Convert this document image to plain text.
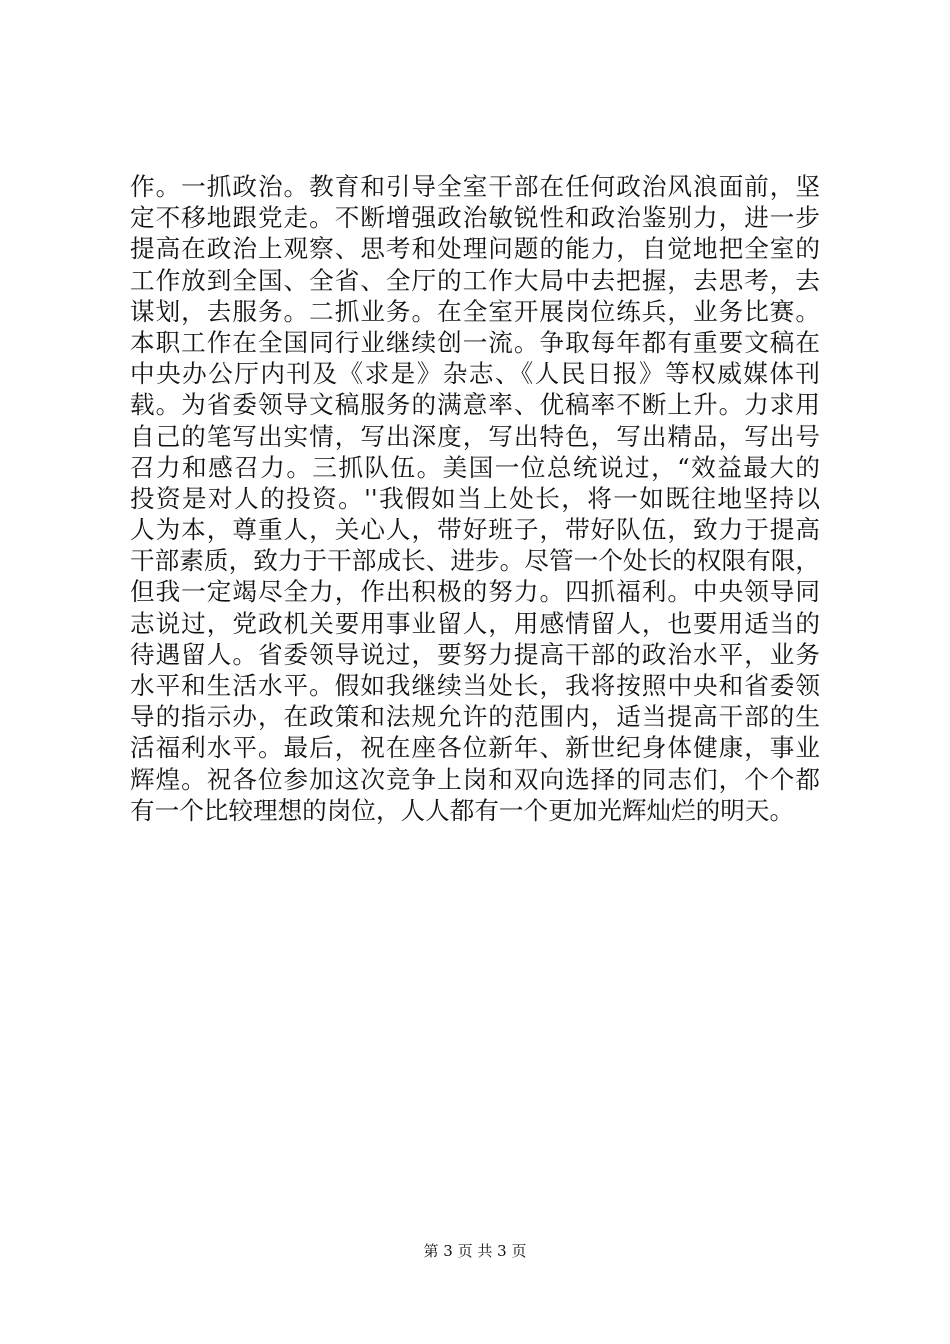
作。一抓政治。教育和引导全室干部在任何政治风浪面前，坚
定不移地跟党走。不断增强政治敏锐性和政治鉴别力，进一步
提高在政治上观察、思考和处理问题的能力，自觉地把全室的
工作放到全国、全省、全厅的工作大局中去把握，去思考，去
谋划，去服务。二抓业务。在全室开展岗位练兵，业务比赛。
本职工作在全国同行业继续创一流。争取每年都有重要文稿在
中央办公厅内刊及《求是》杂志、《人民日报》等权威媒体刊
载。为省委领导文稿服务的满意率、优稿率不断上升。力求用
自己的笔写出实情，写出深度，写出特色，写出精品，写出号
召力和感召力。三抓队伍。美国一位总统说过，“效益最大的
投资是对人的投资。''我假如当上处长，将一如既往地坚持以
人为本，尊重人，关心人，带好班子，带好队伍，致力于提高
干部素质，致力于干部成长、进步。尽管一个处长的权限有限，
但我一定竭尽全力，作出积极的努力。四抓福利。中央领导同
志说过，党政机关要用事业留人，用感情留人，也要用适当的
待遇留人。省委领导说过，要努力提高干部的政治水平，业务
水平和生活水平。假如我继续当处长，我将按照中央和省委领
导的指示办，在政策和法规允许的范围内，适当提高干部的生
活福利水平。最后，祝在座各位新年、新世纪身体健康，事业
辉煌。祝各位参加这次竞争上岗和双向选择的同志们，个个都
有一个比较理想的岗位，人人都有一个更加光辉灿烂的明天。
第 3 页 共 3 页
